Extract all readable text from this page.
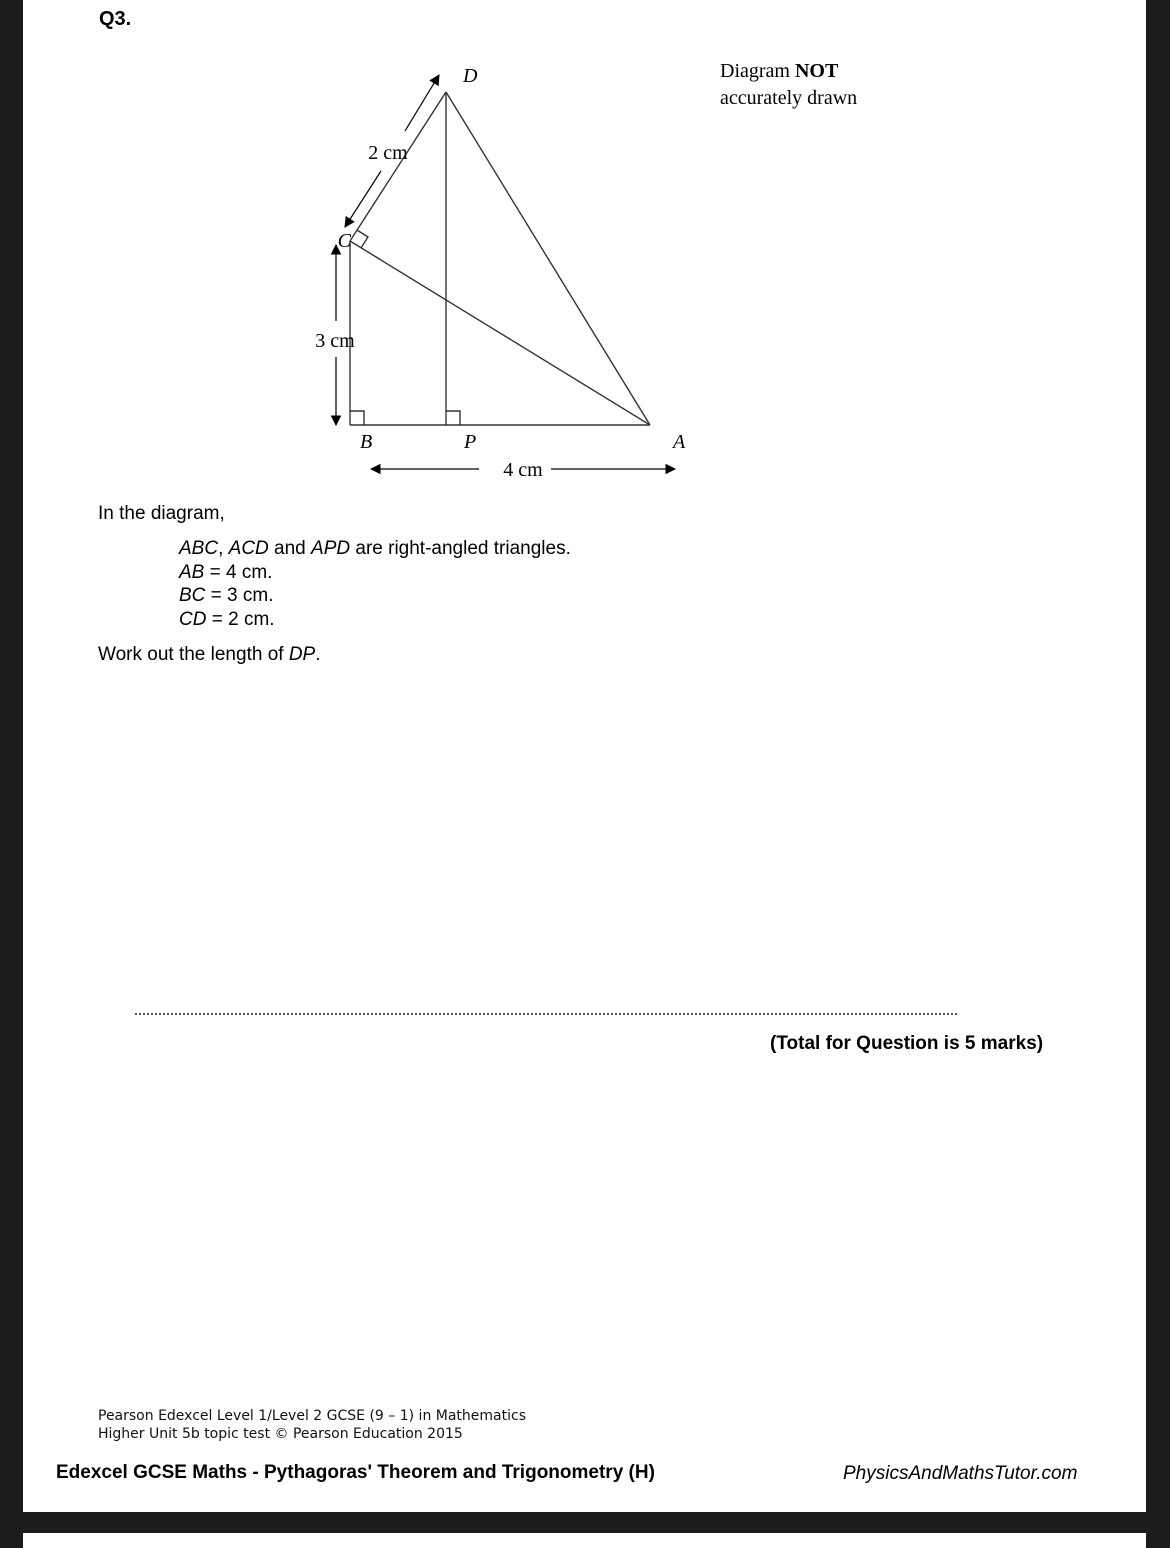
Q3.
Diagram NOT
accurately drawn
D
C
B	P	A
2 cm
3 cm
4 cm
In the diagram,
ABC, ACD and APD are right-angled triangles.
AB = 4 cm.
BC = 3 cm.
CD = 2 cm.
Work out the length of DP.
(Total for Question is 5 marks)
Pearson Edexcel Level 1/Level 2 GCSE (9 – 1) in Mathematics
Higher Unit 5b topic test © Pearson Education 2015
Edexcel GCSE Maths - Pythagoras' Theorem and Trigonometry (H)	PhysicsAndMathsTutor.com
